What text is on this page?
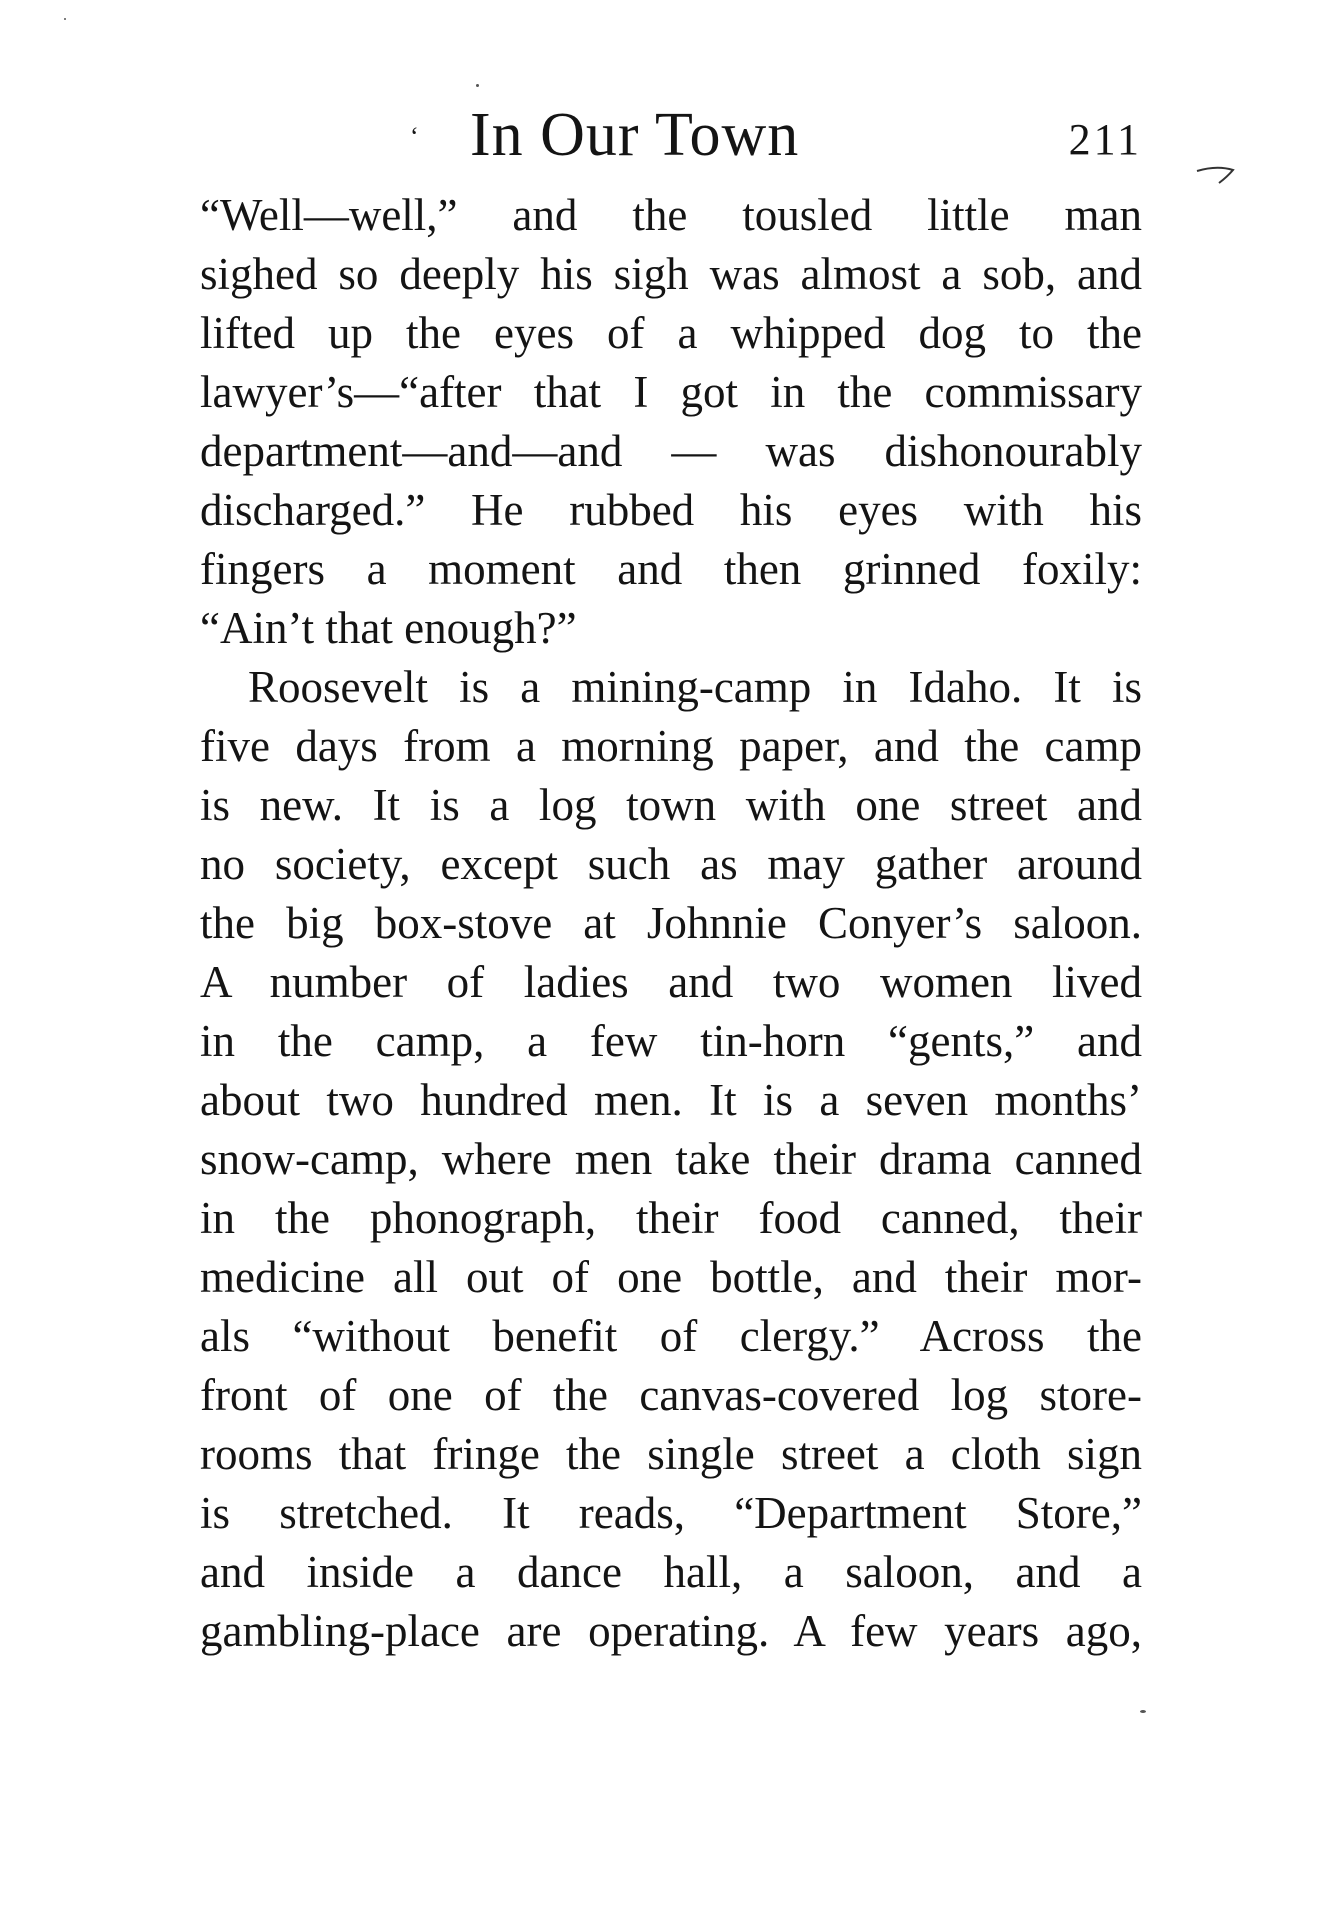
‘ In Our Town	211
“Well—well,” and the tousled little man
sighed so deeply his sigh was almost a sob, and
lifted up the eyes of a whipped dog to the
lawyer’s—“after that I got in the commissary
department—and—and — was dishonourably
discharged.” He rubbed his eyes with his
fingers a moment and then grinned foxily:
“Ain’t that enough?”
Roosevelt is a mining-camp in Idaho. It is
five days from a morning paper, and the camp
is new. It is a log town with one street and
no society, except such as may gather around
the big box-stove at Johnnie Conyer’s saloon.
A number of ladies and two women lived
in the camp, a few tin-horn “gents,” and
about two hundred men. It is a seven months’
snow-camp, where men take their drama canned
in the phonograph, their food canned, their
medicine all out of one bottle, and their mor-
als “without benefit of clergy.” Across the
front of one of the canvas-covered log store-
rooms that fringe the single street a cloth sign
is stretched. It reads, “Department Store,”
and inside a dance hall, a saloon, and a
gambling-place are operating. A few years ago,
